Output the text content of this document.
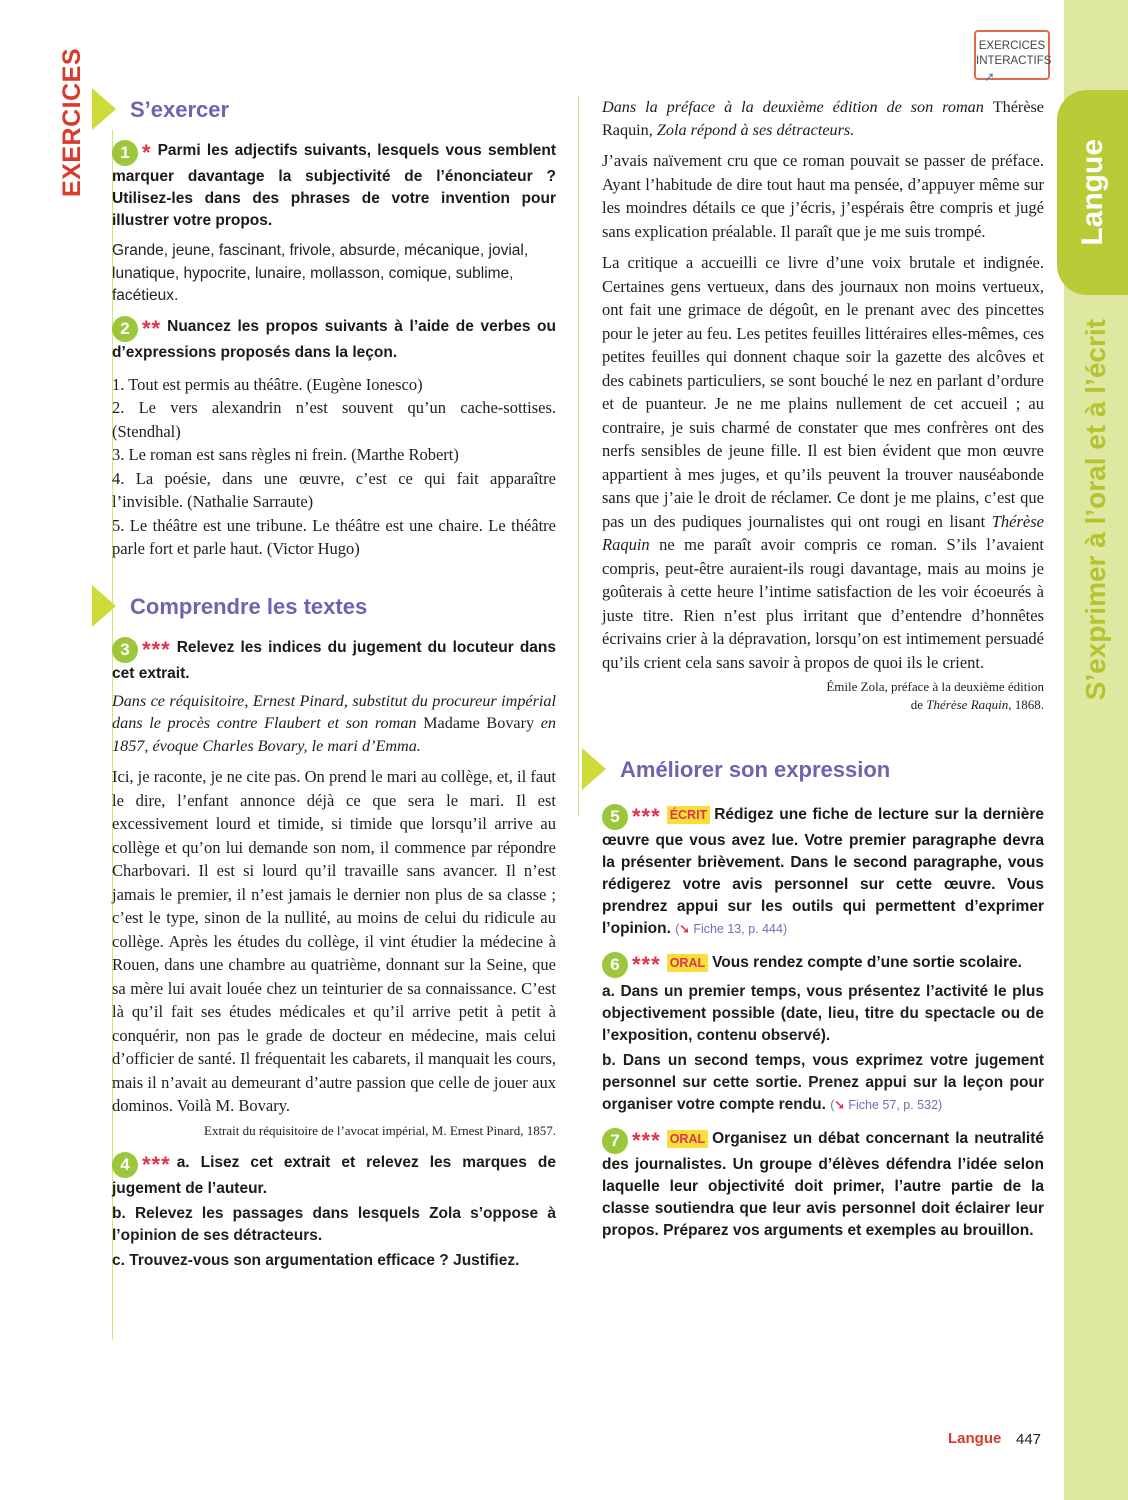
EXERCICES
EXERCICES
INTERACTIFS
➚
Langue
S’exprimer à l’oral et à l’écrit
S’exercer
1 * Parmi les adjectifs suivants, lesquels vous semblent marquer davantage la subjectivité de l’énonciateur ? Utilisez-les dans des phrases de votre invention pour illustrer votre propos.
Grande, jeune, fascinant, frivole, absurde, mécanique, jovial, lunatique, hypocrite, lunaire, mollasson, comique, sublime, facétieux.
2 ** Nuancez les propos suivants à l’aide de verbes ou d’expressions proposés dans la leçon.
1. Tout est permis au théâtre. (Eugène Ionesco)
2. Le vers alexandrin n’est souvent qu’un cache-sottises. (Stendhal)
3. Le roman est sans règles ni frein. (Marthe Robert)
4. La poésie, dans une œuvre, c’est ce qui fait apparaître l’invisible. (Nathalie Sarraute)
5. Le théâtre est une tribune. Le théâtre est une chaire. Le théâtre parle fort et parle haut. (Victor Hugo)
Comprendre les textes
3 *** Relevez les indices du jugement du locuteur dans cet extrait.
Dans ce réquisitoire, Ernest Pinard, substitut du procureur impérial dans le procès contre Flaubert et son roman Madame Bovary en 1857, évoque Charles Bovary, le mari d’Emma.
Ici, je raconte, je ne cite pas. On prend le mari au collège, et, il faut le dire, l’enfant annonce déjà ce que sera le mari. Il est excessivement lourd et timide, si timide que lorsqu’il arrive au collège et qu’on lui demande son nom, il commence par répondre Charbovari. Il est si lourd qu’il travaille sans avancer. Il n’est jamais le premier, il n’est jamais le dernier non plus de sa classe ; c’est le type, sinon de la nullité, au moins de celui du ridicule au collège. Après les études du collège, il vint étudier la médecine à Rouen, dans une chambre au quatrième, donnant sur la Seine, que sa mère lui avait louée chez un teinturier de sa connaissance. C’est là qu’il fait ses études médicales et qu’il arrive petit à petit à conquérir, non pas le grade de docteur en médecine, mais celui d’officier de santé. Il fréquentait les cabarets, il manquait les cours, mais il n’avait au demeurant d’autre passion que celle de jouer aux dominos. Voilà M. Bovary.
Extrait du réquisitoire de l’avocat impérial, M. Ernest Pinard, 1857.
4 *** a. Lisez cet extrait et relevez les marques de jugement de l’auteur.
b. Relevez les passages dans lesquels Zola s’oppose à l’opinion de ses détracteurs.
c. Trouvez-vous son argumentation efficace ? Justifiez.
Dans la préface à la deuxième édition de son roman Thérèse Raquin, Zola répond à ses détracteurs.
J’avais naïvement cru que ce roman pouvait se passer de préface. Ayant l’habitude de dire tout haut ma pensée, d’appuyer même sur les moindres détails ce que j’écris, j’espérais être compris et jugé sans explication préalable. Il paraît que je me suis trompé.
La critique a accueilli ce livre d’une voix brutale et indignée. Certaines gens vertueux, dans des journaux non moins vertueux, ont fait une grimace de dégoût, en le prenant avec des pincettes pour le jeter au feu. Les petites feuilles littéraires elles-mêmes, ces petites feuilles qui donnent chaque soir la gazette des alcôves et des cabinets particuliers, se sont bouché le nez en parlant d’ordure et de puanteur. Je ne me plains nullement de cet accueil ; au contraire, je suis charmé de constater que mes confrères ont des nerfs sensibles de jeune fille. Il est bien évident que mon œuvre appartient à mes juges, et qu’ils peuvent la trouver nauséabonde sans que j’aie le droit de réclamer. Ce dont je me plains, c’est que pas un des pudiques journalistes qui ont rougi en lisant Thérèse Raquin ne me paraît avoir compris ce roman. S’ils l’avaient compris, peut-être auraient-ils rougi davantage, mais au moins je goûterais à cette heure l’intime satisfaction de les voir écoeurés à juste titre. Rien n’est plus irritant que d’entendre d’honnêtes écrivains crier à la dépravation, lorsqu’on est intimement persuadé qu’ils crient cela sans savoir à propos de quoi ils le crient.
Émile Zola, préface à la deuxième édition
de Thérèse Raquin, 1868.
Améliorer son expression
5 *** ÉCRIT Rédigez une fiche de lecture sur la dernière œuvre que vous avez lue. Votre premier paragraphe devra la présenter brièvement. Dans le second paragraphe, vous rédigerez votre avis personnel sur cette œuvre. Vous prendrez appui sur les outils qui permettent d’exprimer l’opinion. (➘ Fiche 13, p. 444)
6 *** ORAL Vous rendez compte d’une sortie scolaire.
a. Dans un premier temps, vous présentez l’activité le plus objectivement possible (date, lieu, titre du spectacle ou de l’exposition, contenu observé).
b. Dans un second temps, vous exprimez votre jugement personnel sur cette sortie. Prenez appui sur la leçon pour organiser votre compte rendu. (➘ Fiche 57, p. 532)
7 *** ORAL Organisez un débat concernant la neutralité des journalistes. Un groupe d’élèves défendra l’idée selon laquelle leur objectivité doit primer, l’autre partie de la classe soutiendra que leur avis personnel doit éclairer leur propos. Préparez vos arguments et exemples au brouillon.
Langue 447
